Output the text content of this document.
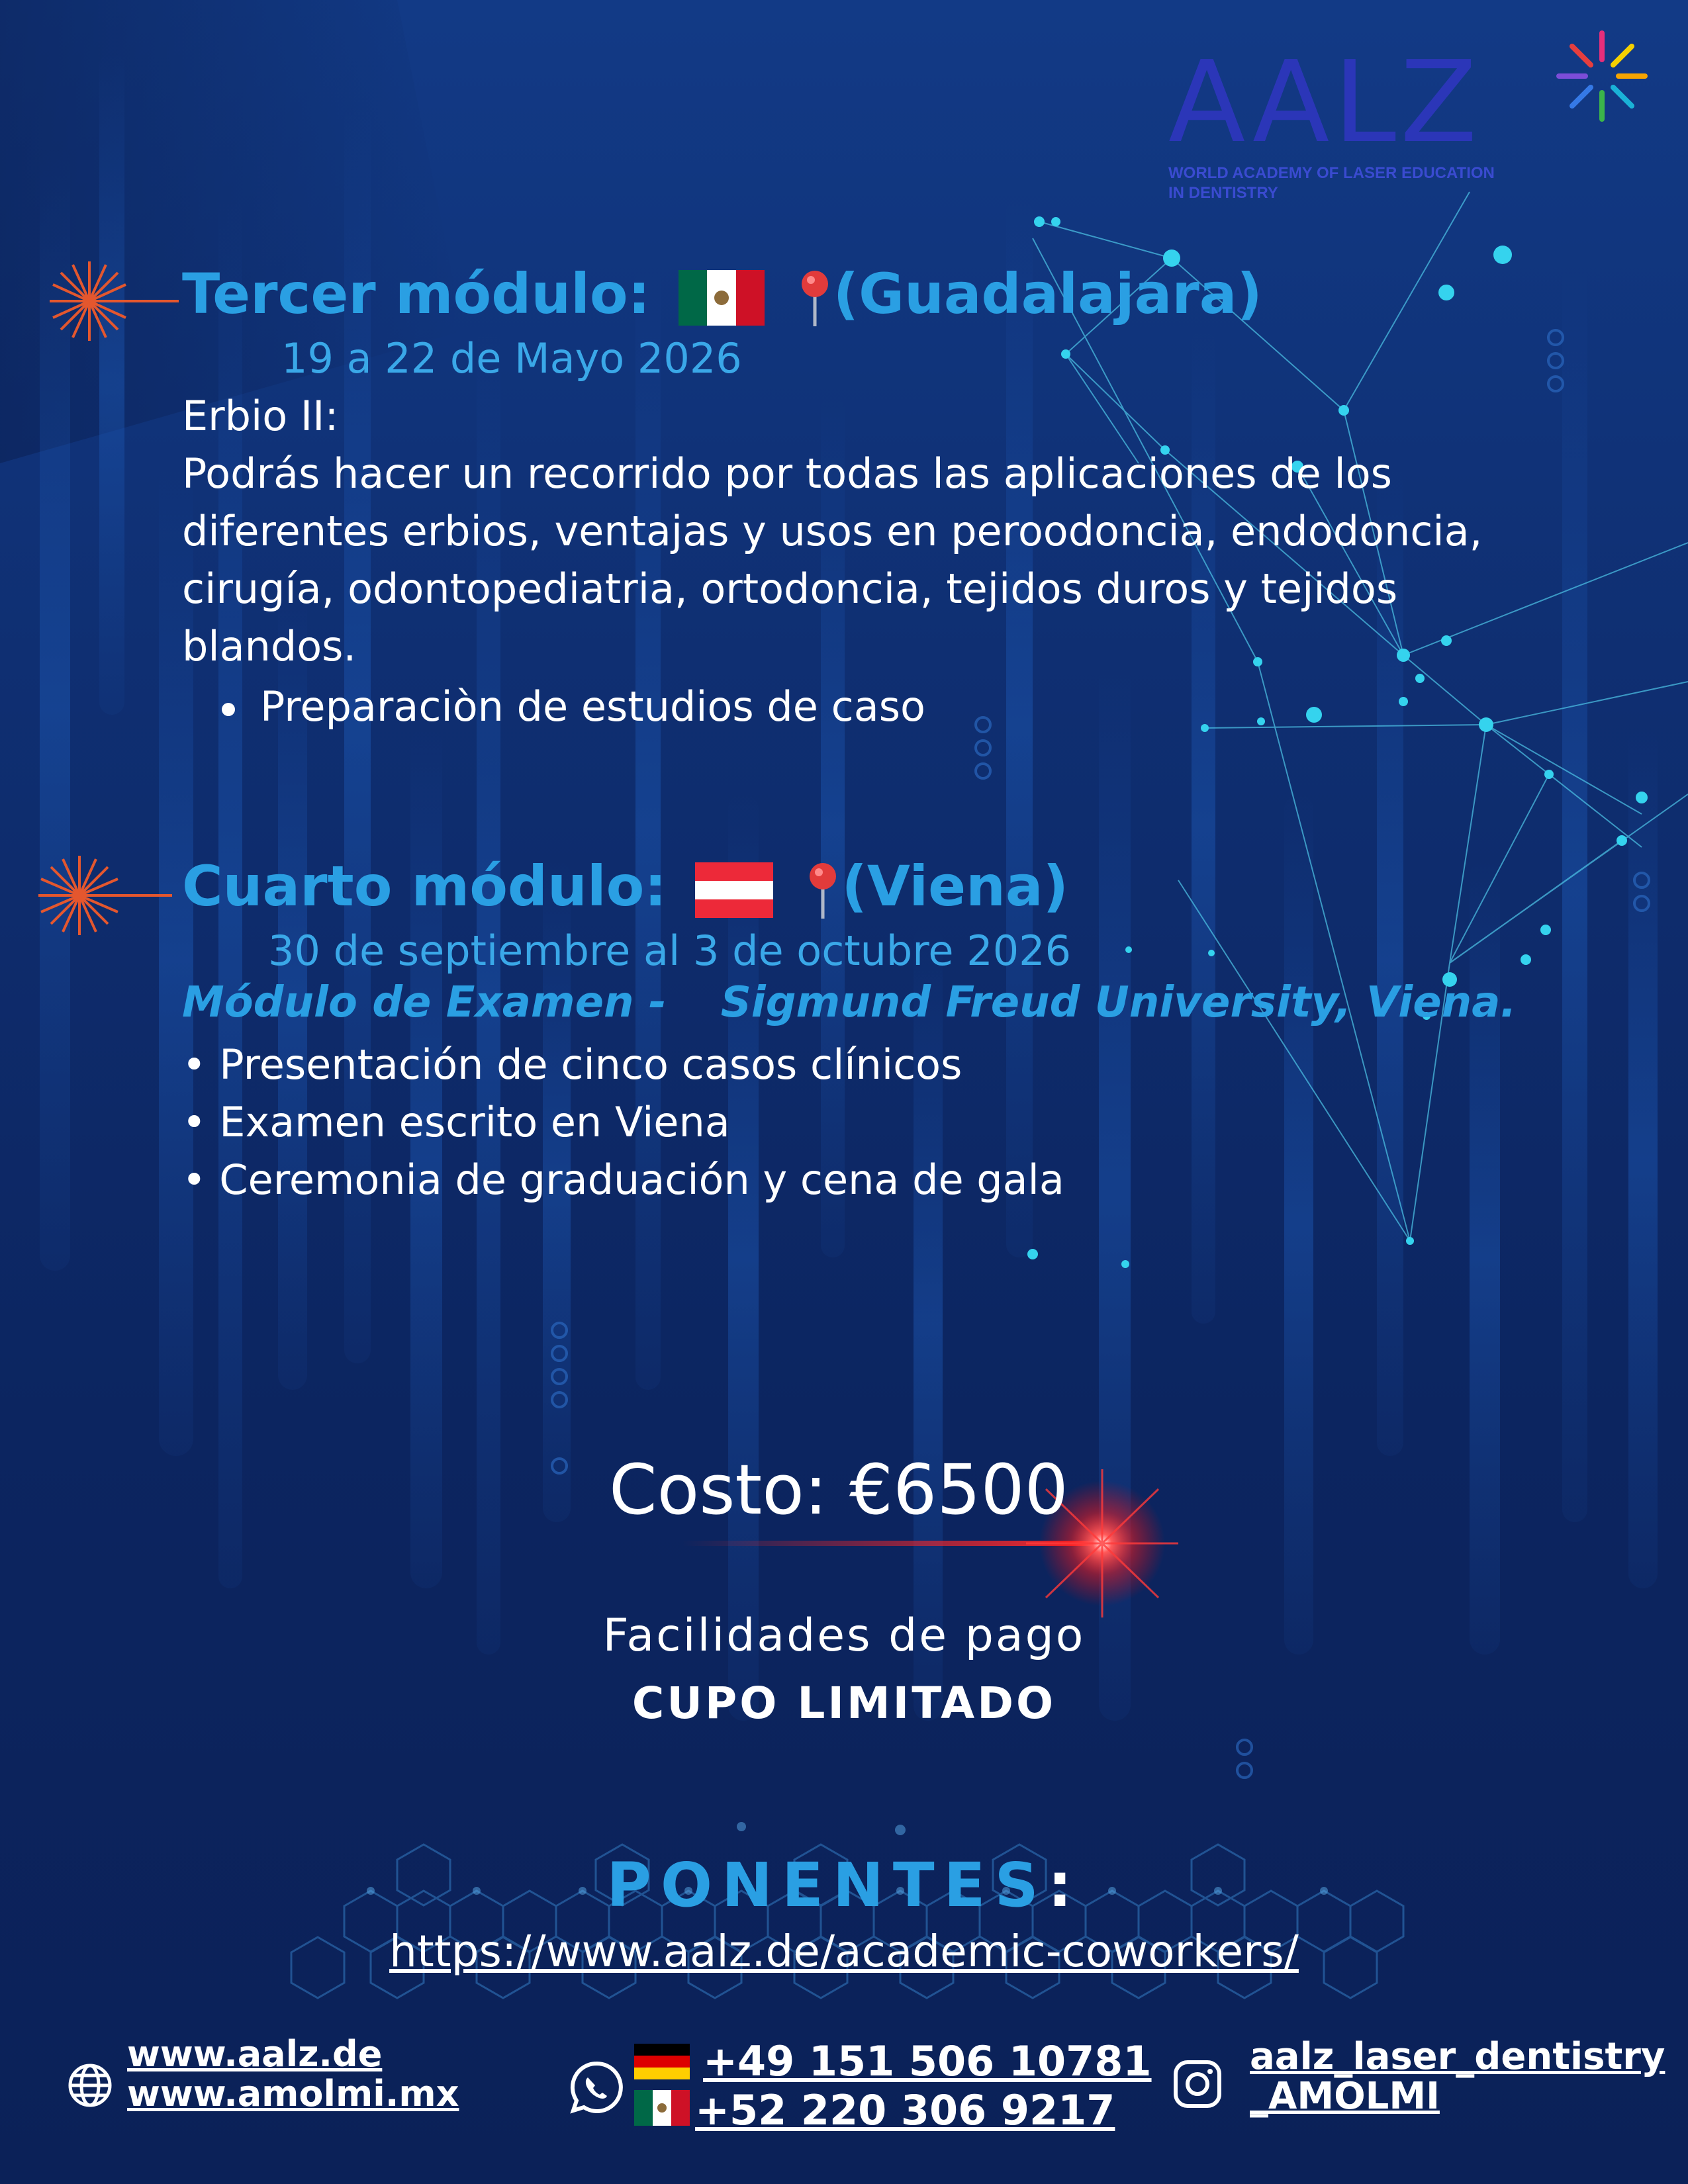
AALZ
WORLD ACADEMY OF LASER EDUCATION
IN DENTISTRY
Tercer módulo:	(Guadalajara)
19 a 22 de Mayo 2026
Erbio II:
Podrás hacer un recorrido por todas las aplicaciones de los diferentes erbios, ventajas y usos en peroodoncia, endodoncia, cirugía, odontopediatria, ortodoncia, tejidos duros y tejidos blandos.
Preparaciòn de estudios de caso
Cuarto módulo:	(Viena)
30 de septiembre al 3 de octubre 2026
Módulo de Examen - Sigmund Freud University, Viena.
• Presentación de cinco casos clínicos
• Examen escrito en Viena
• Ceremonia de graduación y cena de gala
Costo: €6500
Facilidades de pago
CUPO LIMITADO
PONENTES:
https://www.aalz.de/academic-coworkers/
www.aalz.de
www.amolmi.mx
+49 151 506 10781
+52 220 306 9217
aalz_laser_dentistry
_AMOLMI
